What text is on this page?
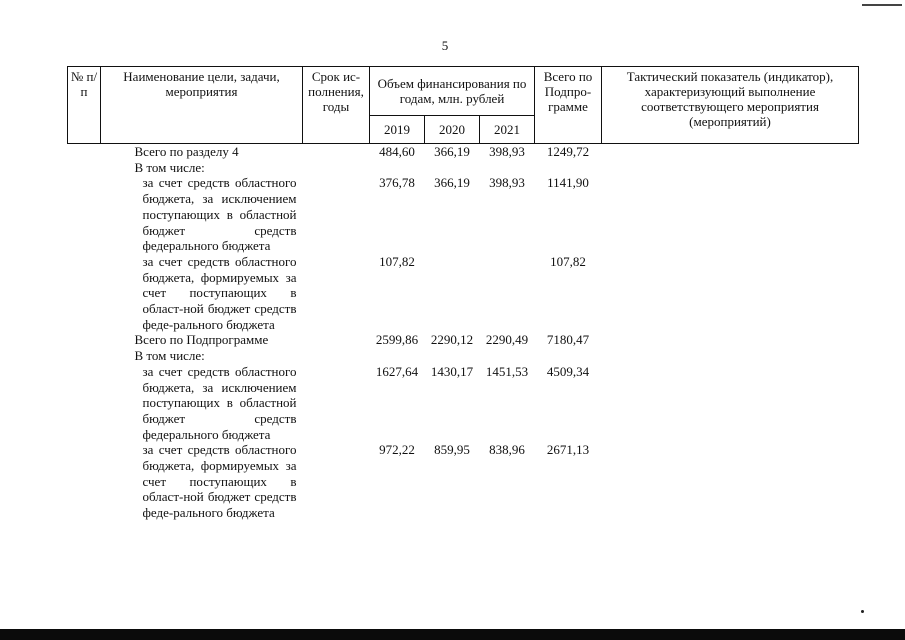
5
№ п/п	Наименование цели, задачи, мероприятия	Срок ис-полнения, годы	Объем финансирования по годам, млн. рублей			Всего по Подпро-грамме	Тактический показатель (индикатор), характеризующий выполнение соответствующего мероприятия (мероприятий)
			2019	2020	2021		
	Всего по разделу 4		484,60	366,19	398,93	1249,72	
	В том числе:						
	за счет средств областного бюджета, за исключением поступающих в областной бюджет средств федерального бюджета		376,78	366,19	398,93	1141,90	
	за счет средств областного бюджета, формируемых за счет поступающих в област-ной бюджет средств феде-рального бюджета		107,82			107,82	
	Всего по Подпрограмме		2599,86	2290,12	2290,49	7180,47	
	В том числе:						
	за счет средств областного бюджета, за исключением поступающих в областной бюджет средств федерального бюджета		1627,64	1430,17	1451,53	4509,34	
	за счет средств областного бюджета, формируемых за счет поступающих в област-ной бюджет средств феде-рального бюджета		972,22	859,95	838,96	2671,13	
